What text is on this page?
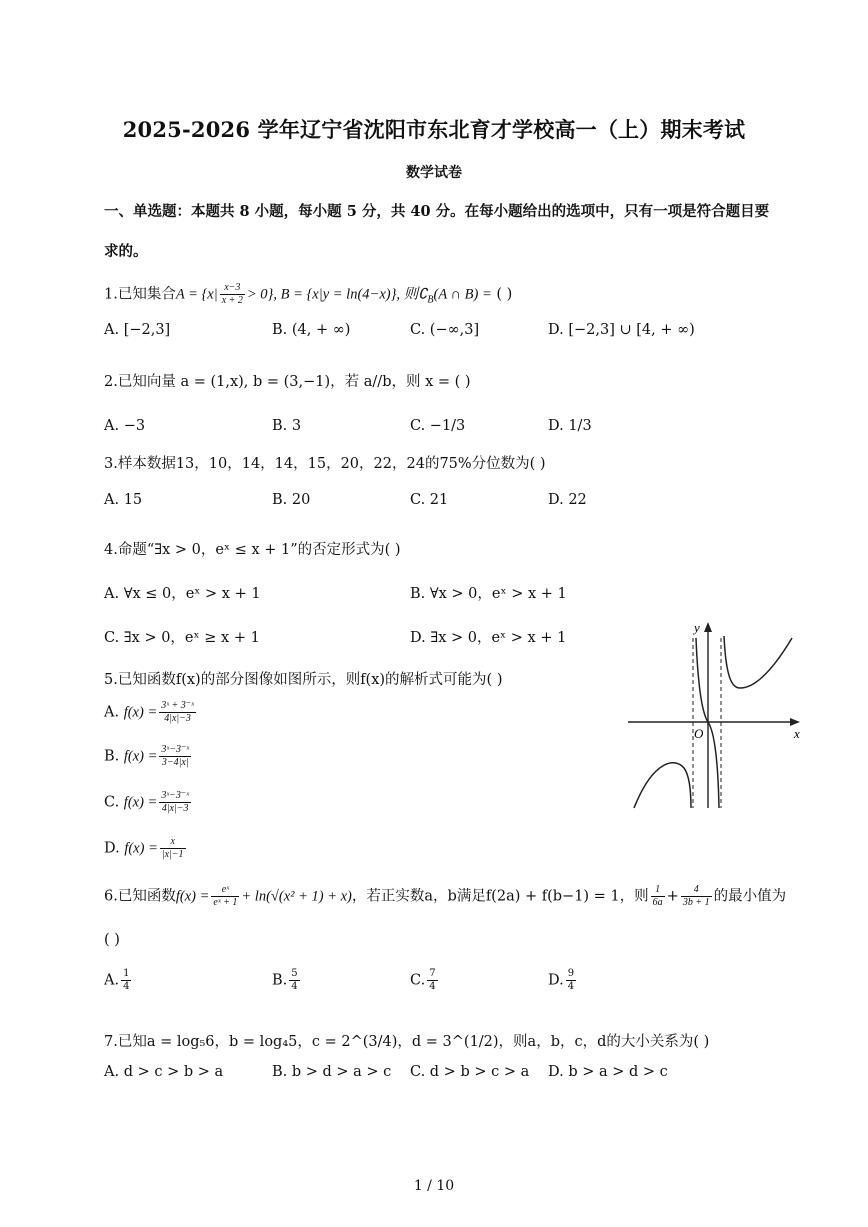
2025-2026 学年辽宁省沈阳市东北育才学校高一（上）期末考试
数学试卷
一、单选题：本题共 8 小题，每小题 5 分，共 40 分。在每小题给出的选项中，只有一项是符合题目要
求的。
1.已知集合$A = \{x| \frac{x-3}{x + 2} > 0\}$, B = {x|y = ln(4−x)}, 则$∁_B(A$ ∩ B) = ( )
A. [−2,3]	B. (4, + ∞)	C. (−∞,3]	D. [−2,3] ∪ [4, + ∞)
2.已知向量 a = (1,x), b = (3,−1)，若 a//b，则 x = ( )
A. −3	B. 3	C. −1/3	D. 1/3
3.样本数据13，10，14，14，15，20，22，24的75%分位数为( )
A. 15	B. 20	C. 21	D. 22
4.命题“∃x > 0，eˣ ≤ x + 1”的否定形式为( )
A. ∀x ≤ 0，eˣ > x + 1	B. ∀x > 0，eˣ > x + 1
C. ∃x > 0，eˣ ≥ x + 1	D. ∃x > 0，eˣ > x + 1
5.已知函数f(x)的部分图像如图所示，则f(x)的解析式可能为( )
A. $f(x) = \frac{\text{3ˣ + 3⁻ˣ}}{4|x|-3}$
B. $f(x) = \frac{\text{3ˣ−3⁻ˣ}}{3-4|x|}$
C. $f(x) = \frac{\text{3ˣ−3⁻ˣ}}{4|x|-3}$
D. $f(x) = \frac{x}{|x|-1}$
y
x
O
6.已知函数$f(x) = \frac{\text{eˣ}}{\text{eˣ + 1}} + \ln(√(x^2 + 1) + x)$，若正实数a，b满足f(2a) + f(b−1) = 1，则 $\frac{1}{6a} + \frac{4}{3b + 1}$ 的最小值为
( )
A. $\frac{1}{4}$	B. $\frac{5}{4}$	C. $\frac{7}{4}$	D. $\frac{9}{4}$
7.已知a = log₅6，b = log₄5，c = 2^(3/4)，d = 3^(1/2)，则a，b，c，d的大小关系为( )
A. d > c > b > a	B. b > d > a > c C. d > b > c > a D. b > a > d > c
1 / 10
